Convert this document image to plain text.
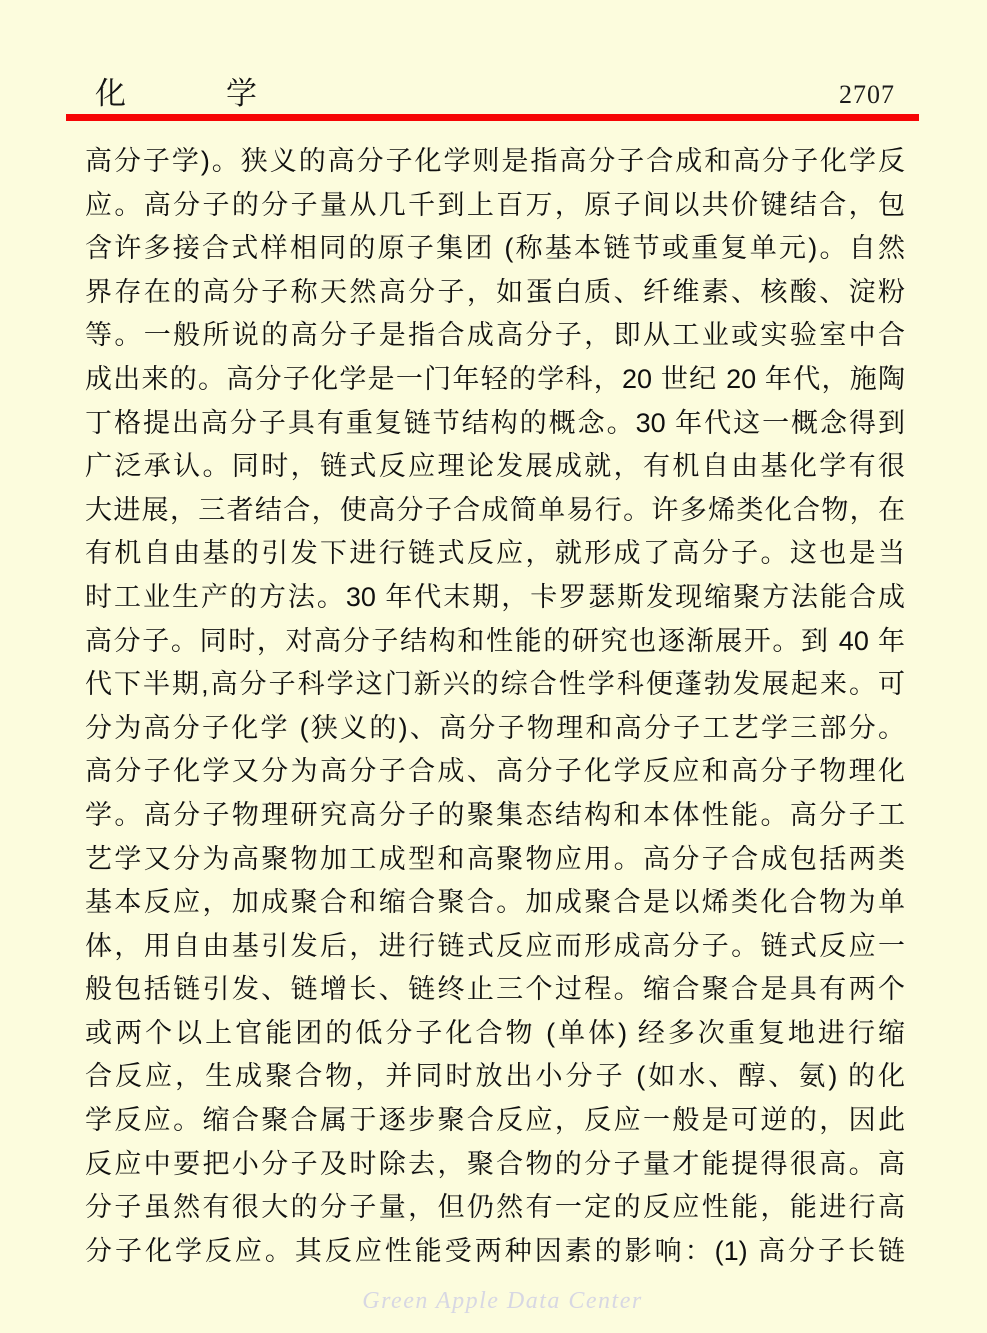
化	学	2707
高分子学)。狭义的高分子化学则是指高分子合成和高分子化学反
应。高分子的分子量从几千到上百万，原子间以共价键结合，包
含许多接合式样相同的原子集团 (称基本链节或重复单元)。自然
界存在的高分子称天然高分子，如蛋白质、纤维素、核酸、淀粉
等。一般所说的高分子是指合成高分子，即从工业或实验室中合
成出来的。高分子化学是一门年轻的学科，20 世纪 20 年代，施陶
丁格提出高分子具有重复链节结构的概念。30 年代这一概念得到
广泛承认。同时，链式反应理论发展成就，有机自由基化学有很
大进展，三者结合，使高分子合成简单易行。许多烯类化合物，在
有机自由基的引发下进行链式反应，就形成了高分子。这也是当
时工业生产的方法。30 年代末期，卡罗瑟斯发现缩聚方法能合成
高分子。同时，对高分子结构和性能的研究也逐渐展开。到 40 年
代下半期,高分子科学这门新兴的综合性学科便蓬勃发展起来。可
分为高分子化学 (狭义的)、高分子物理和高分子工艺学三部分。
高分子化学又分为高分子合成、高分子化学反应和高分子物理化
学。高分子物理研究高分子的聚集态结构和本体性能。高分子工
艺学又分为高聚物加工成型和高聚物应用。高分子合成包括两类
基本反应，加成聚合和缩合聚合。加成聚合是以烯类化合物为单
体，用自由基引发后，进行链式反应而形成高分子。链式反应一
般包括链引发、链增长、链终止三个过程。缩合聚合是具有两个
或两个以上官能团的低分子化合物 (单体) 经多次重复地进行缩
合反应，生成聚合物，并同时放出小分子 (如水、醇、氨) 的化
学反应。缩合聚合属于逐步聚合反应，反应一般是可逆的，因此
反应中要把小分子及时除去，聚合物的分子量才能提得很高。高
分子虽然有很大的分子量，但仍然有一定的反应性能，能进行高
分子化学反应。其反应性能受两种因素的影响：(1) 高分子长链
Green Apple Data Center
